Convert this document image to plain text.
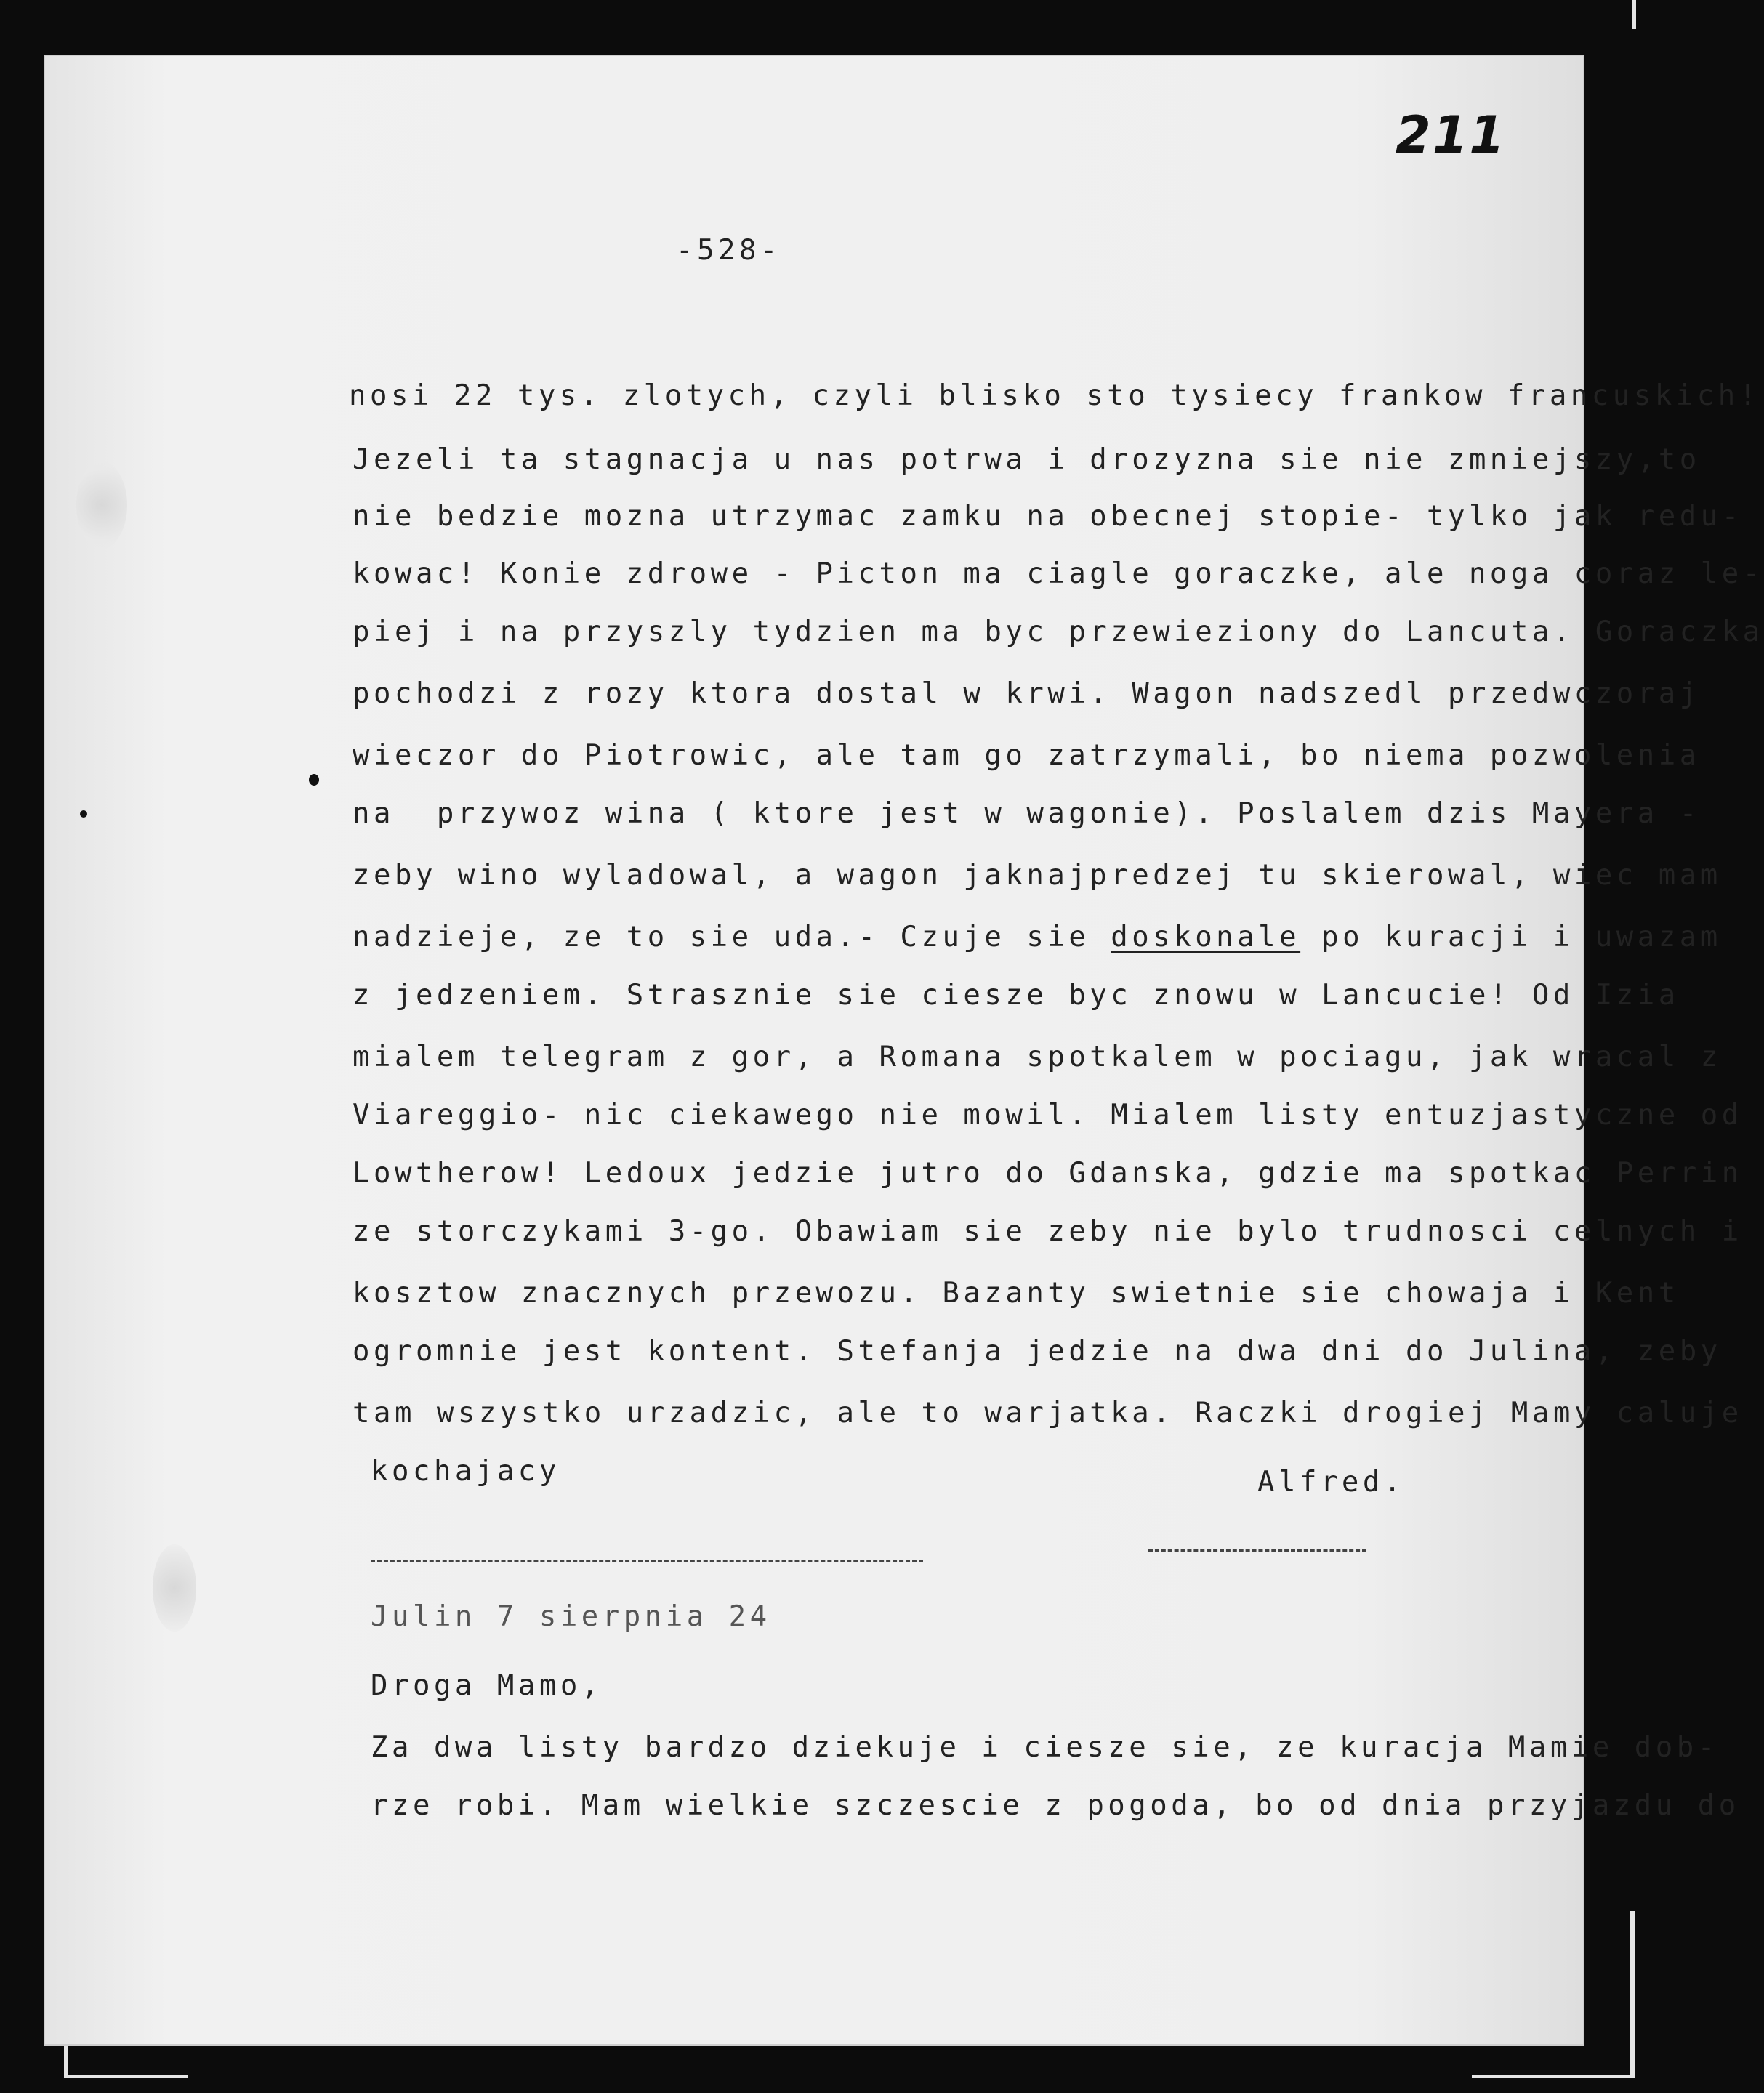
211
-528-
nosi 22 tys. zlotych, czyli blisko sto tysiecy frankow francuskich!
Jezeli ta stagnacja u nas potrwa i drozyzna sie nie zmniejszy,to
nie bedzie mozna utrzymac zamku na obecnej stopie- tylko jak redu-
kowac! Konie zdrowe - Picton ma ciagle goraczke, ale noga coraz le-
piej i na przyszly tydzien ma byc przewieziony do Lancuta. Goraczka
pochodzi z rozy ktora dostal w krwi. Wagon nadszedl przedwczoraj
wieczor do Piotrowic, ale tam go zatrzymali, bo niema pozwolenia
na  przywoz wina ( ktore jest w wagonie). Poslalem dzis Mayera -
zeby wino wyladowal, a wagon jaknajpredzej tu skierowal, wiec mam
nadzieje, ze to sie uda.- Czuje sie doskonale po kuracji i uwazam
z jedzeniem. Strasznie sie ciesze byc znowu w Lancucie! Od Izia
mialem telegram z gor, a Romana spotkalem w pociagu, jak wracal z
Viareggio- nic ciekawego nie mowil. Mialem listy entuzjastyczne od
Lowtherow! Ledoux jedzie jutro do Gdanska, gdzie ma spotkac Perrin
ze storczykami 3-go. Obawiam sie zeby nie bylo trudnosci celnych i
kosztow znacznych przewozu. Bazanty swietnie sie chowaja i Kent
ogromnie jest kontent. Stefanja jedzie na dwa dni do Julina, zeby
tam wszystko urzadzic, ale to warjatka. Raczki drogiej Mamy caluje
kochajacy	Alfred.
Julin 7 sierpnia 24
Droga Mamo,
Za dwa listy bardzo dziekuje i ciesze sie, ze kuracja Mamie dob-
rze robi. Mam wielkie szczescie z pogoda, bo od dnia przyjazdu do
